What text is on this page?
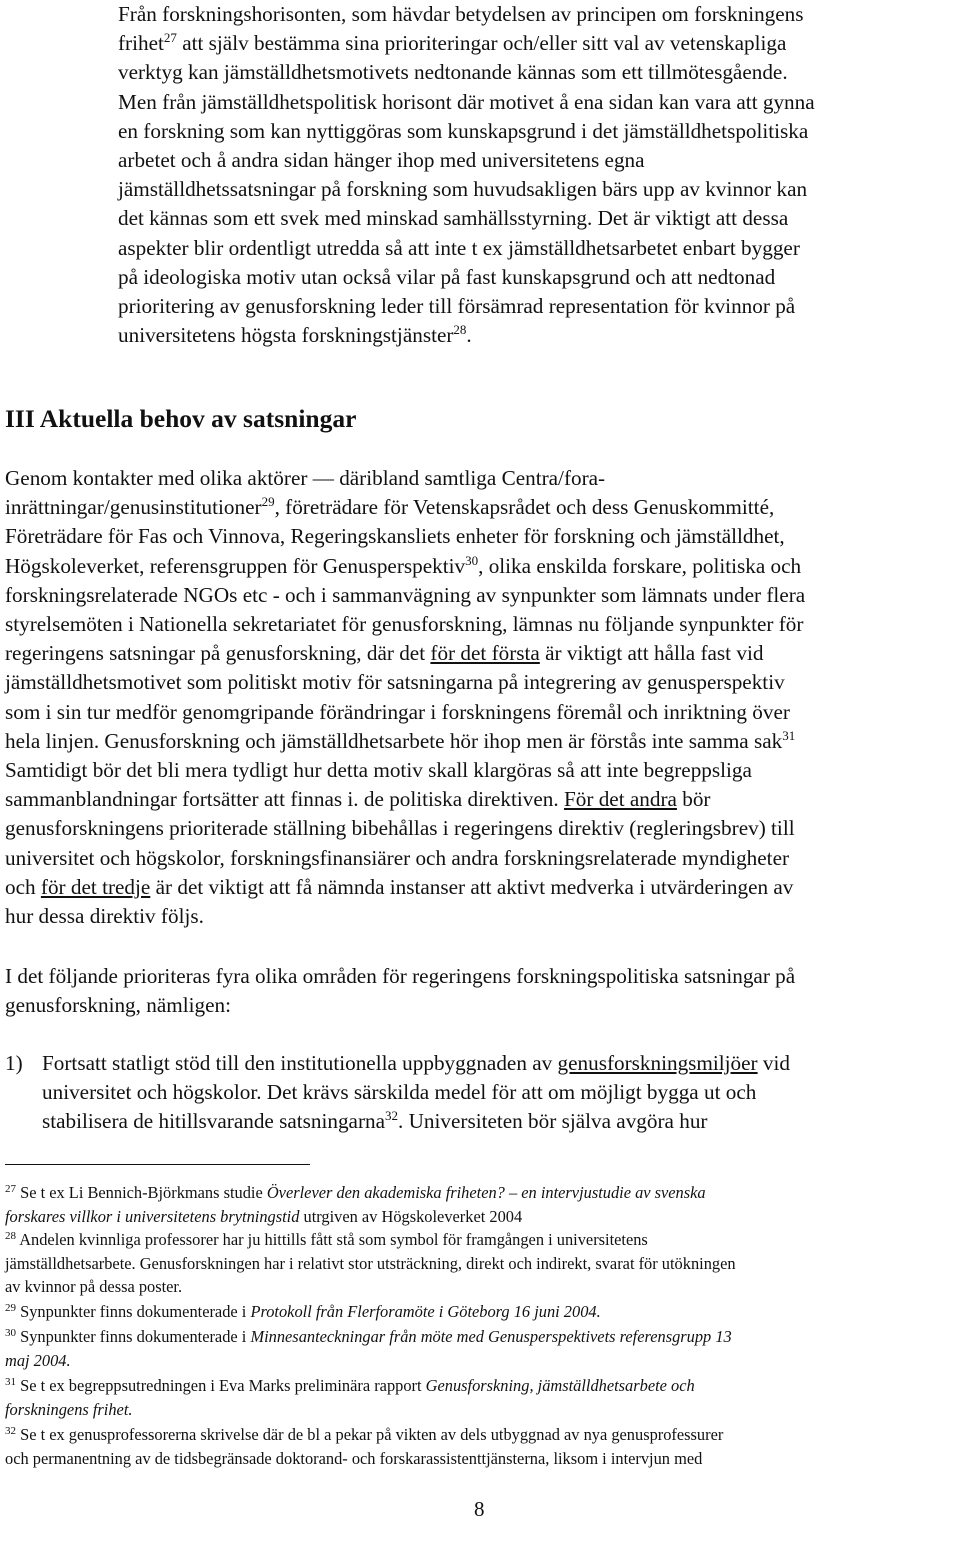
Från forskningshorisonten, som hävdar betydelsen av principen om forskningens
frihet$^{27}$ att själv bestämma sina prioriteringar och/eller sitt val av vetenskapliga
verktyg kan jämställdhetsmotivets nedtonande kännas som ett tillmötesgående.
Men från jämställdhetspolitisk horisont där motivet å ena sidan kan vara att gynna
en forskning som kan nyttiggöras som kunskapsgrund i det jämställdhetspolitiska
arbetet och å andra sidan hänger ihop med universitetens egna
jämställdhetssatsningar på forskning som huvudsakligen bärs upp av kvinnor kan
det kännas som ett svek med minskad samhällsstyrning. Det är viktigt att dessa
aspekter blir ordentligt utredda så att inte t ex jämställdhetsarbetet enbart bygger
på ideologiska motiv utan också vilar på fast kunskapsgrund och att nedtonad
prioritering av genusforskning leder till försämrad representation för kvinnor på
universitetens högsta forskningstjänster$^{28}$.
III Aktuella behov av satsningar
Genom kontakter med olika aktörer — däribland samtliga Centra/fora-
inrättningar/genusinstitutioner$^{29}$, företrädare för Vetenskapsrådet och dess Genuskommitté,
Företrädare för Fas och Vinnova, Regeringskansliets enheter för forskning och jämställdhet,
Högskoleverket, referensgruppen för Genusperspektiv$^{30}$, olika enskilda forskare, politiska och
forskningsrelaterade NGOs etc - och i sammanvägning av synpunkter som lämnats under flera
styrelsemöten i Nationella sekretariatet för genusforskning, lämnas nu följande synpunkter för
regeringens satsningar på genusforskning, där det för det första är viktigt att hålla fast vid
jämställdhetsmotivet som politiskt motiv för satsningarna på integrering av genusperspektiv
som i sin tur medför genomgripande förändringar i forskningens föremål och inriktning över
hela linjen. Genusforskning och jämställdhetsarbete hör ihop men är förstås inte samma sak$^{31}$
Samtidigt bör det bli mera tydligt hur detta motiv skall klargöras så att inte begreppsliga
sammanblandningar fortsätter att finnas i. de politiska direktiven. För det andra bör
genusforskningens prioriterade ställning bibehållas i regeringens direktiv (regleringsbrev) till
universitet och högskolor, forskningsfinansiärer och andra forskningsrelaterade myndigheter
och för det tredje är det viktigt att få nämnda instanser att aktivt medverka i utvärderingen av
hur dessa direktiv följs.
I det följande prioriteras fyra olika områden för regeringens forskningspolitiska satsningar på
genusforskning, nämligen:
1) Fortsatt statligt stöd till den institutionella uppbyggnaden av genusforskningsmiljöer vid
universitet och högskolor. Det krävs särskilda medel för att om möjligt bygga ut och
stabilisera de hitillsvarande satsningarna$^{32}$. Universiteten bör själva avgöra hur
$^{27}$ Se t ex Li Bennich-Björkmans studie Överlever den akademiska friheten? – en intervjustudie av svenska
forskares villkor i universitetens brytningstid utrgiven av Högskoleverket 2004
$^{28}$ Andelen kvinnliga professorer har ju hittills fått stå som symbol för framgången i universitetens
jämställdhetsarbete. Genusforskningen har i relativt stor utsträckning, direkt och indirekt, svarat för utökningen
av kvinnor på dessa poster.
$^{29}$ Synpunkter finns dokumenterade i Protokoll från Flerforamöte i Göteborg 16 juni 2004.
$^{30}$ Synpunkter finns dokumenterade i Minnesanteckningar från möte med Genusperspektivets referensgrupp 13
maj 2004.
$^{31}$ Se t ex begreppsutredningen i Eva Marks preliminära rapport Genusforskning, jämställdhetsarbete och
forskningens frihet.
$^{32}$ Se t ex genusprofessorerna skrivelse där de bl a pekar på vikten av dels utbyggnad av nya genusprofessurer
och permanentning av de tidsbegränsade doktorand- och forskarassistenttjänsterna, liksom i intervjun med
8
